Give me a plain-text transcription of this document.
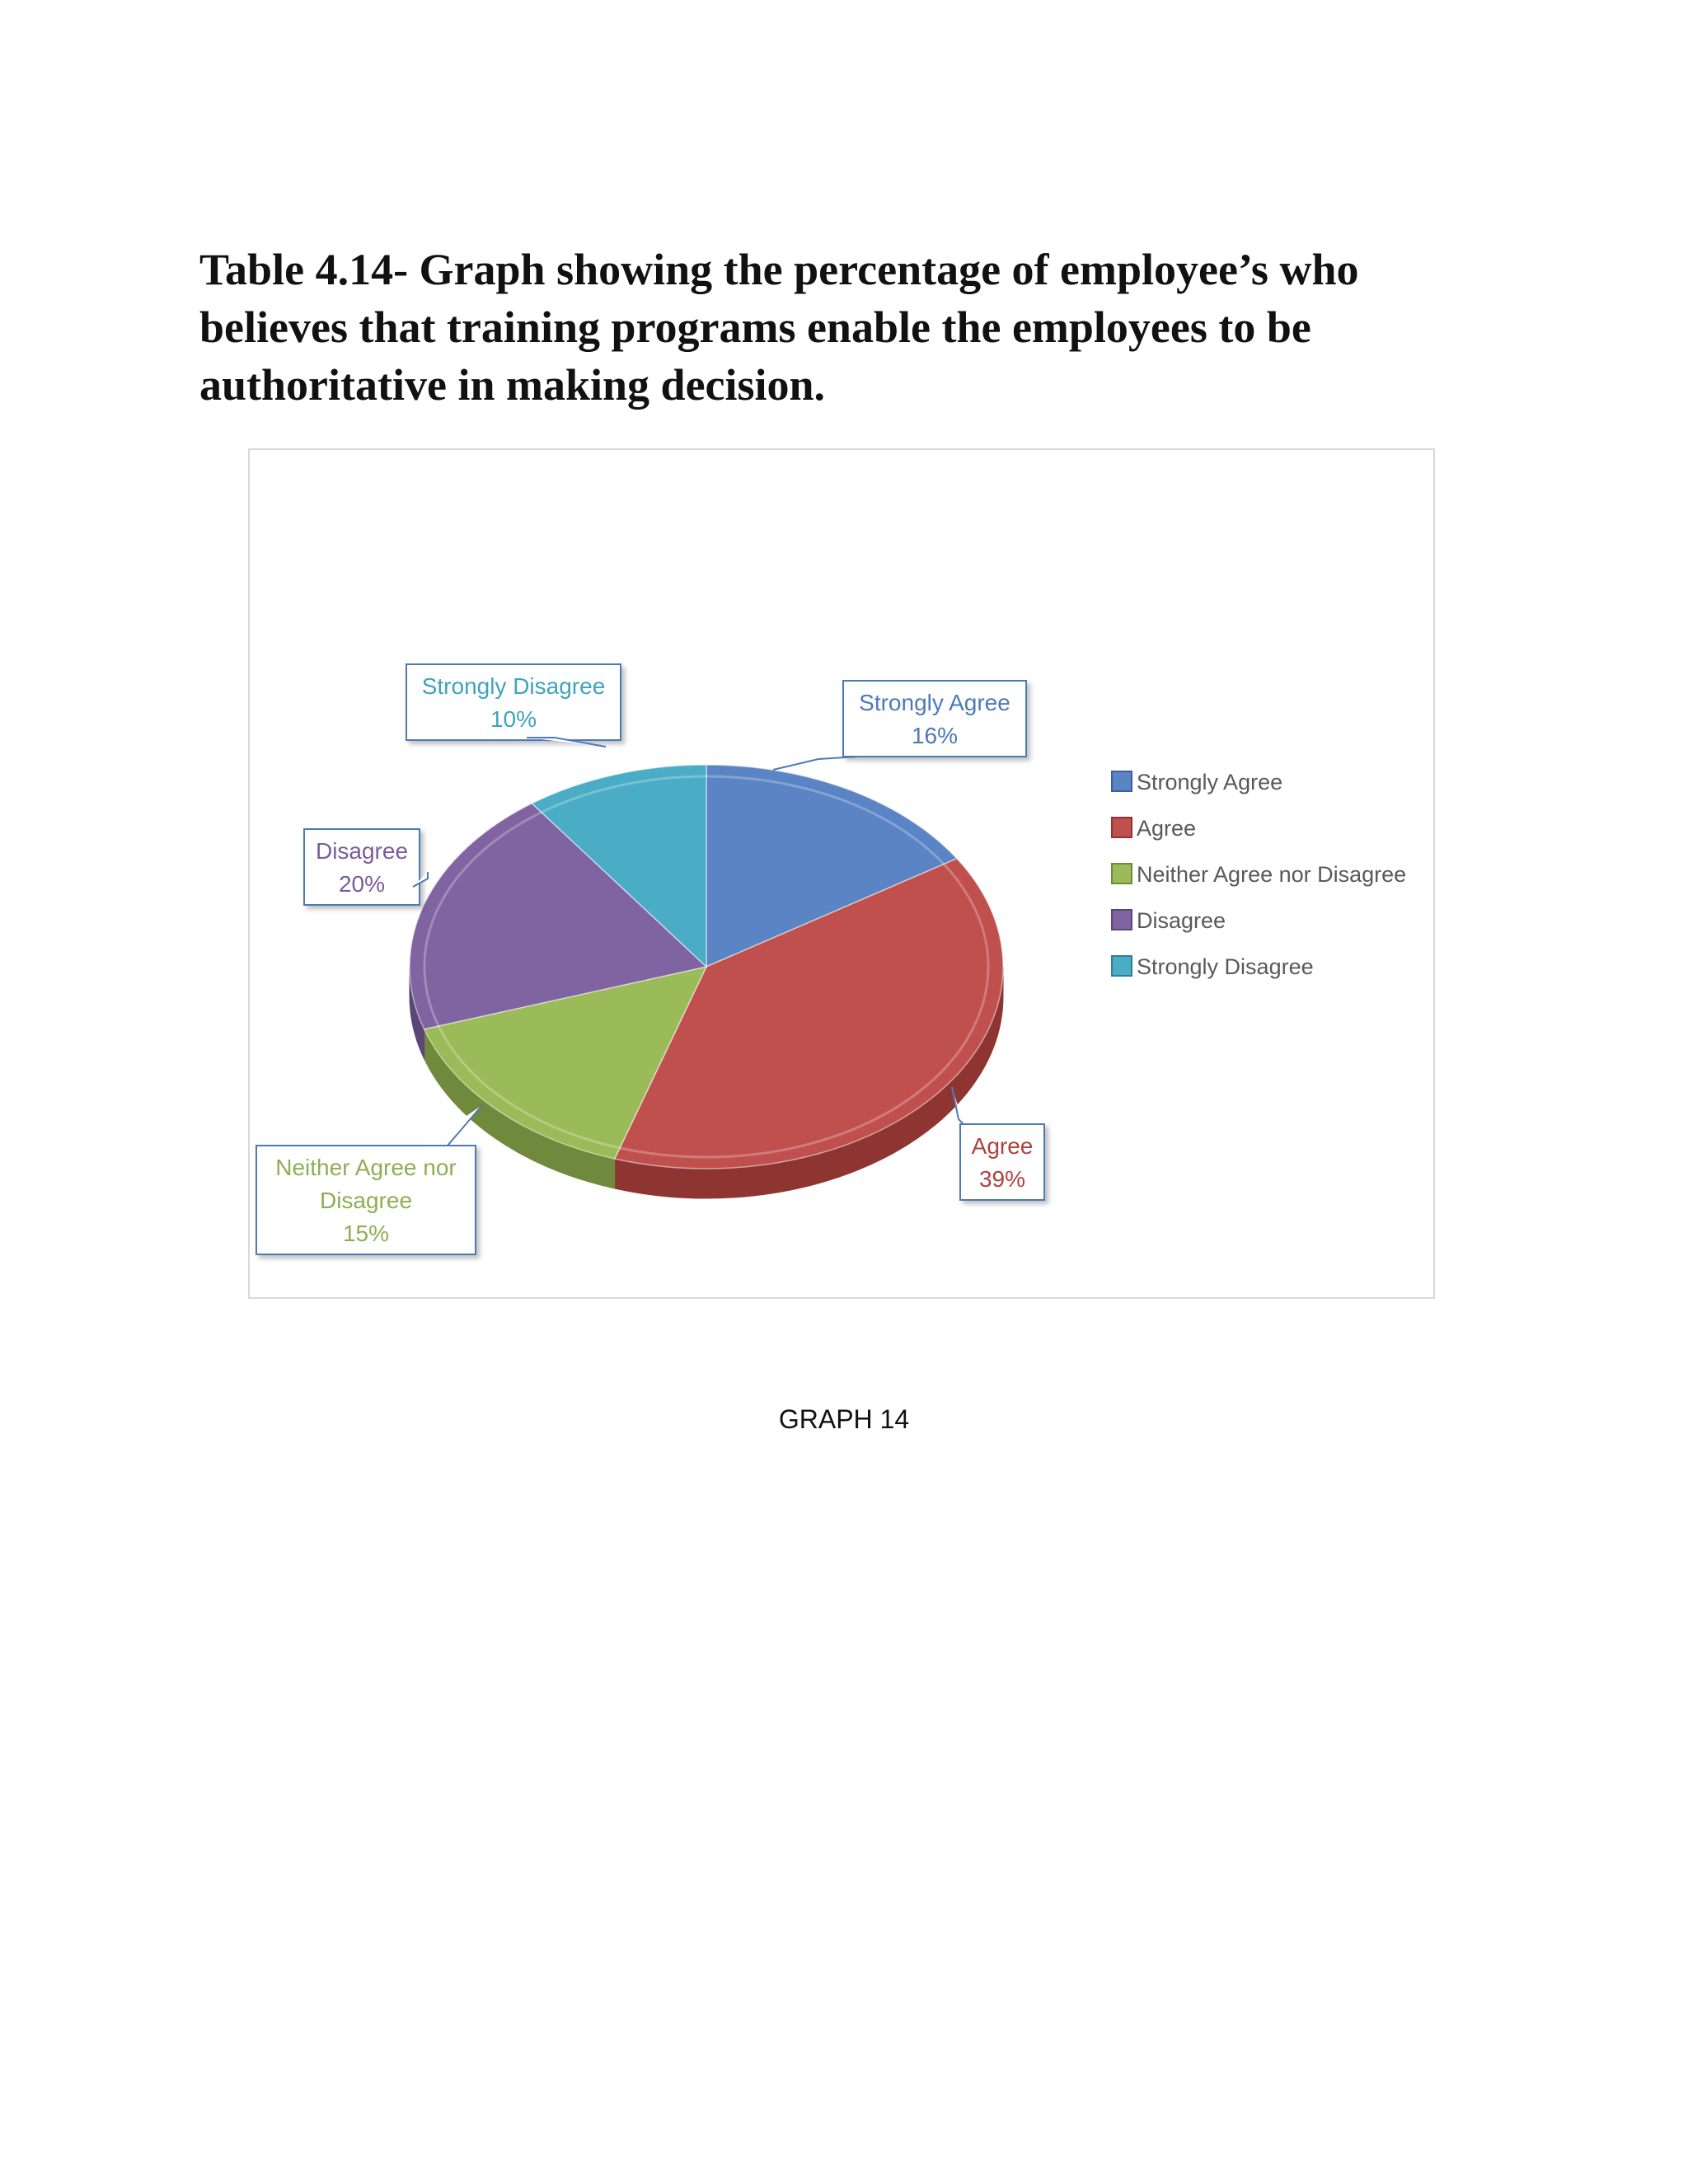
Table 4.14- Graph showing the percentage of employee’s who
believes that training programs enable the employees to be
authoritative in making decision.
Strongly Agree
16%
Agree
39%
Neither Agree nor
Disagree
15%
Disagree
20%
Strongly Disagree
10%
Strongly Agree
Agree
Neither Agree nor Disagree
Disagree
Strongly Disagree

GRAPH 14
